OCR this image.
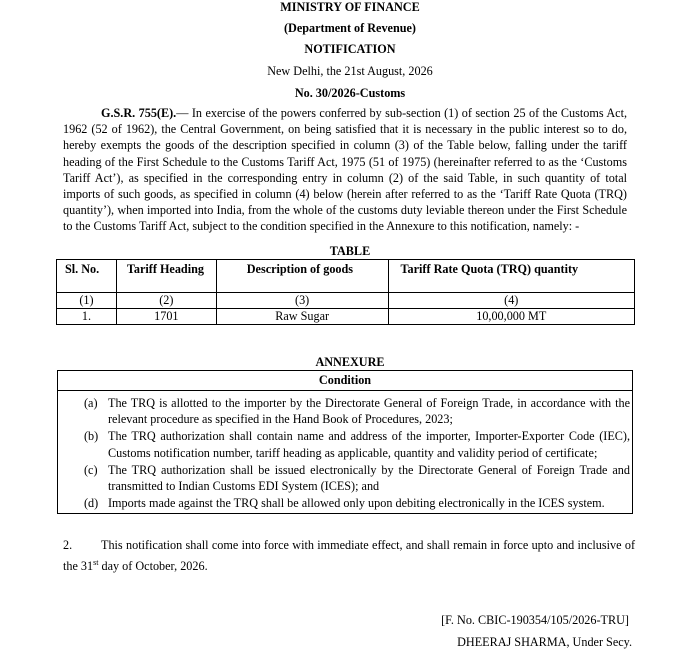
MINISTRY OF FINANCE
(Department of Revenue)
NOTIFICATION
New Delhi, the 21st August, 2026
No. 30/2026-Customs
G.S.R. 755(E).— In exercise of the powers conferred by sub-section (1) of section 25 of the Customs Act, 1962 (52 of 1962), the Central Government, on being satisfied that it is necessary in the public interest so to do, hereby exempts the goods of the description specified in column (3) of the Table below, falling under the tariff heading of the First Schedule to the Customs Tariff Act, 1975 (51 of 1975) (hereinafter referred to as the ‘Customs Tariff Act’), as specified in the corresponding entry in column (2) of the said Table, in such quantity of total imports of such goods, as specified in column (4) below (herein after referred to as the ‘Tariff Rate Quota (TRQ) quantity’), when imported into India, from the whole of the customs duty leviable thereon under the First Schedule to the Customs Tariff Act, subject to the condition specified in the Annexure to this notification, namely: -
TABLE
Sl. No.	Tariff Heading	Description of goods	Tariff Rate Quota (TRQ) quantity
(1)	(2)	(3)	(4)
1.	1701	Raw Sugar	10,00,000 MT
ANNEXURE
Condition
(a) The TRQ is allotted to the importer by the Directorate General of Foreign Trade, in accordance with the relevant procedure as specified in the Hand Book of Procedures, 2023;
(b) The TRQ authorization shall contain name and address of the importer, Importer-Exporter Code (IEC), Customs notification number, tariff heading as applicable, quantity and validity period of certificate;
(c) The TRQ authorization shall be issued electronically by the Directorate General of Foreign Trade and transmitted to Indian Customs EDI System (ICES); and
(d) Imports made against the TRQ shall be allowed only upon debiting electronically in the ICES system.
2. This notification shall come into force with immediate effect, and shall remain in force upto and inclusive of the 31st day of October, 2026.
[F. No. CBIC-190354/105/2026-TRU]
DHEERAJ SHARMA, Under Secy.
